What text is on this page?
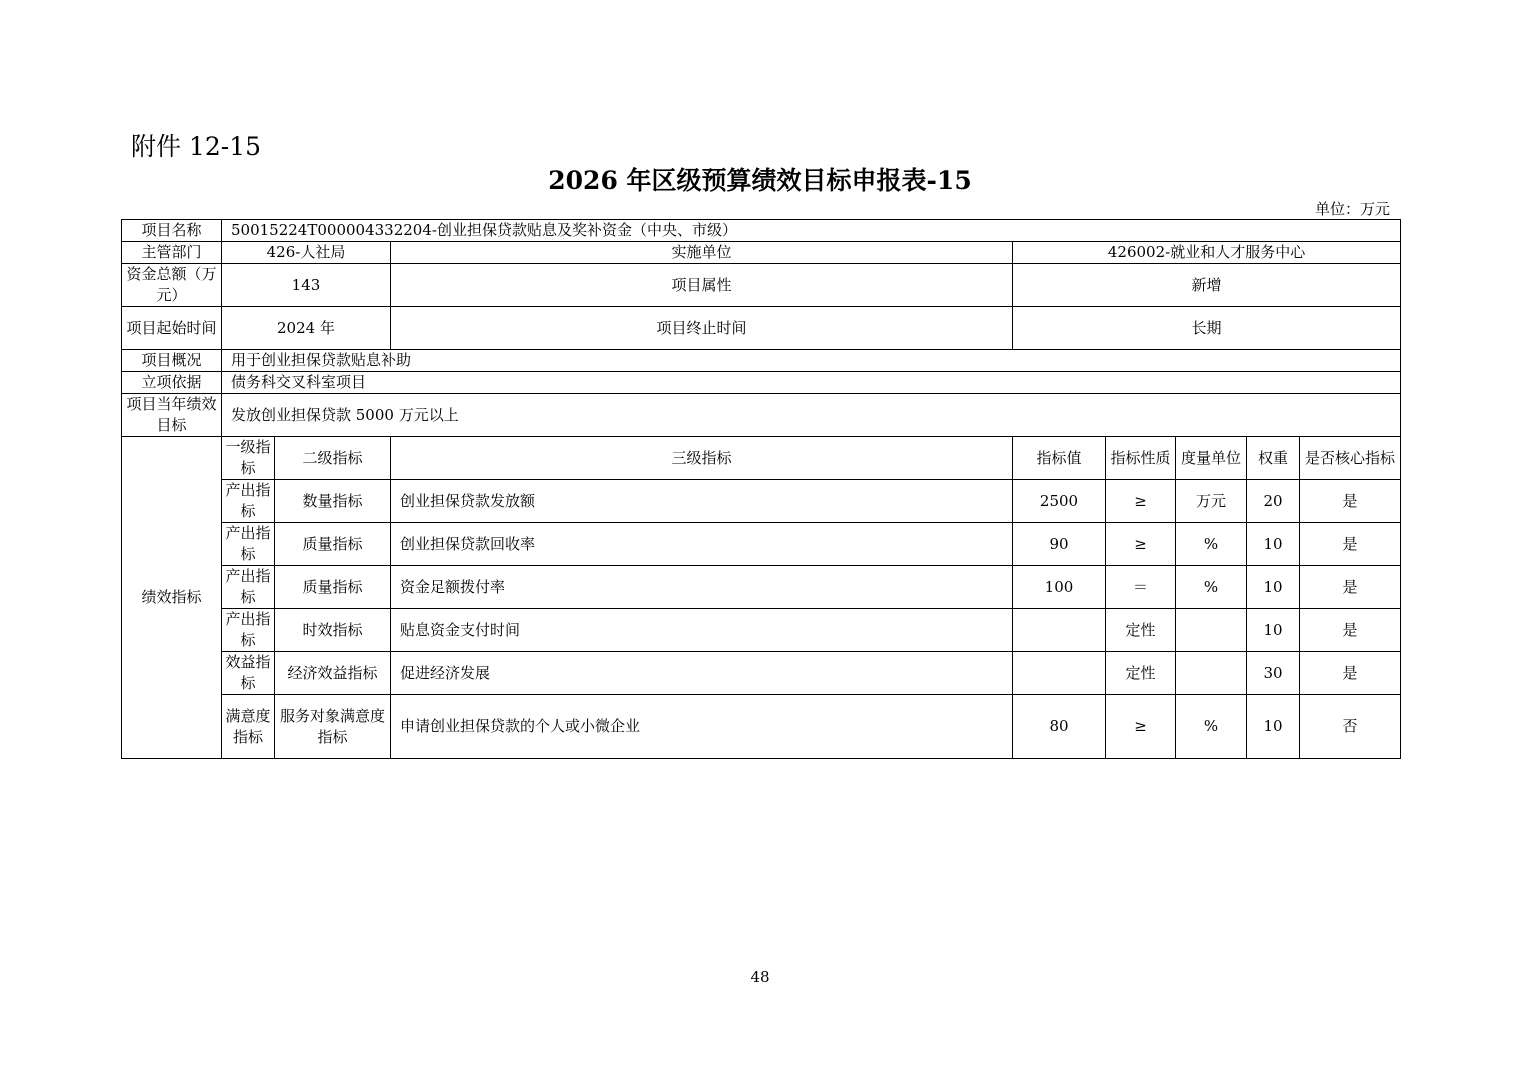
附件 12-15
2026 年区级预算绩效目标申报表-15
单位：万元
项目名称	50015224T000004332204-创业担保贷款贴息及奖补资金（中央、市级）							
主管部门	426-人社局		实施单位	426002-就业和人才服务中心				
资金总额（万元）	143		项目属性	新增				
项目起始时间	2024 年		项目终止时间	长期				
项目概况	用于创业担保贷款贴息补助							
立项依据	债务科交叉科室项目							
项目当年绩效目标	发放创业担保贷款 5000 万元以上							
绩效指标	一级指标	二级指标	三级指标	指标值	指标性质	度量单位	权重	是否核心指标
	产出指标	数量指标	创业担保贷款发放额	2500	≥	万元	20	是
	产出指标	质量指标	创业担保贷款回收率	90	≥	%	10	是
	产出指标	质量指标	资金足额拨付率	100	＝	%	10	是
	产出指标	时效指标	贴息资金支付时间		定性		10	是
	效益指标	经济效益指标	促进经济发展		定性		30	是
	满意度指标	服务对象满意度指标	申请创业担保贷款的个人或小微企业	80	≥	%	10	否
48
